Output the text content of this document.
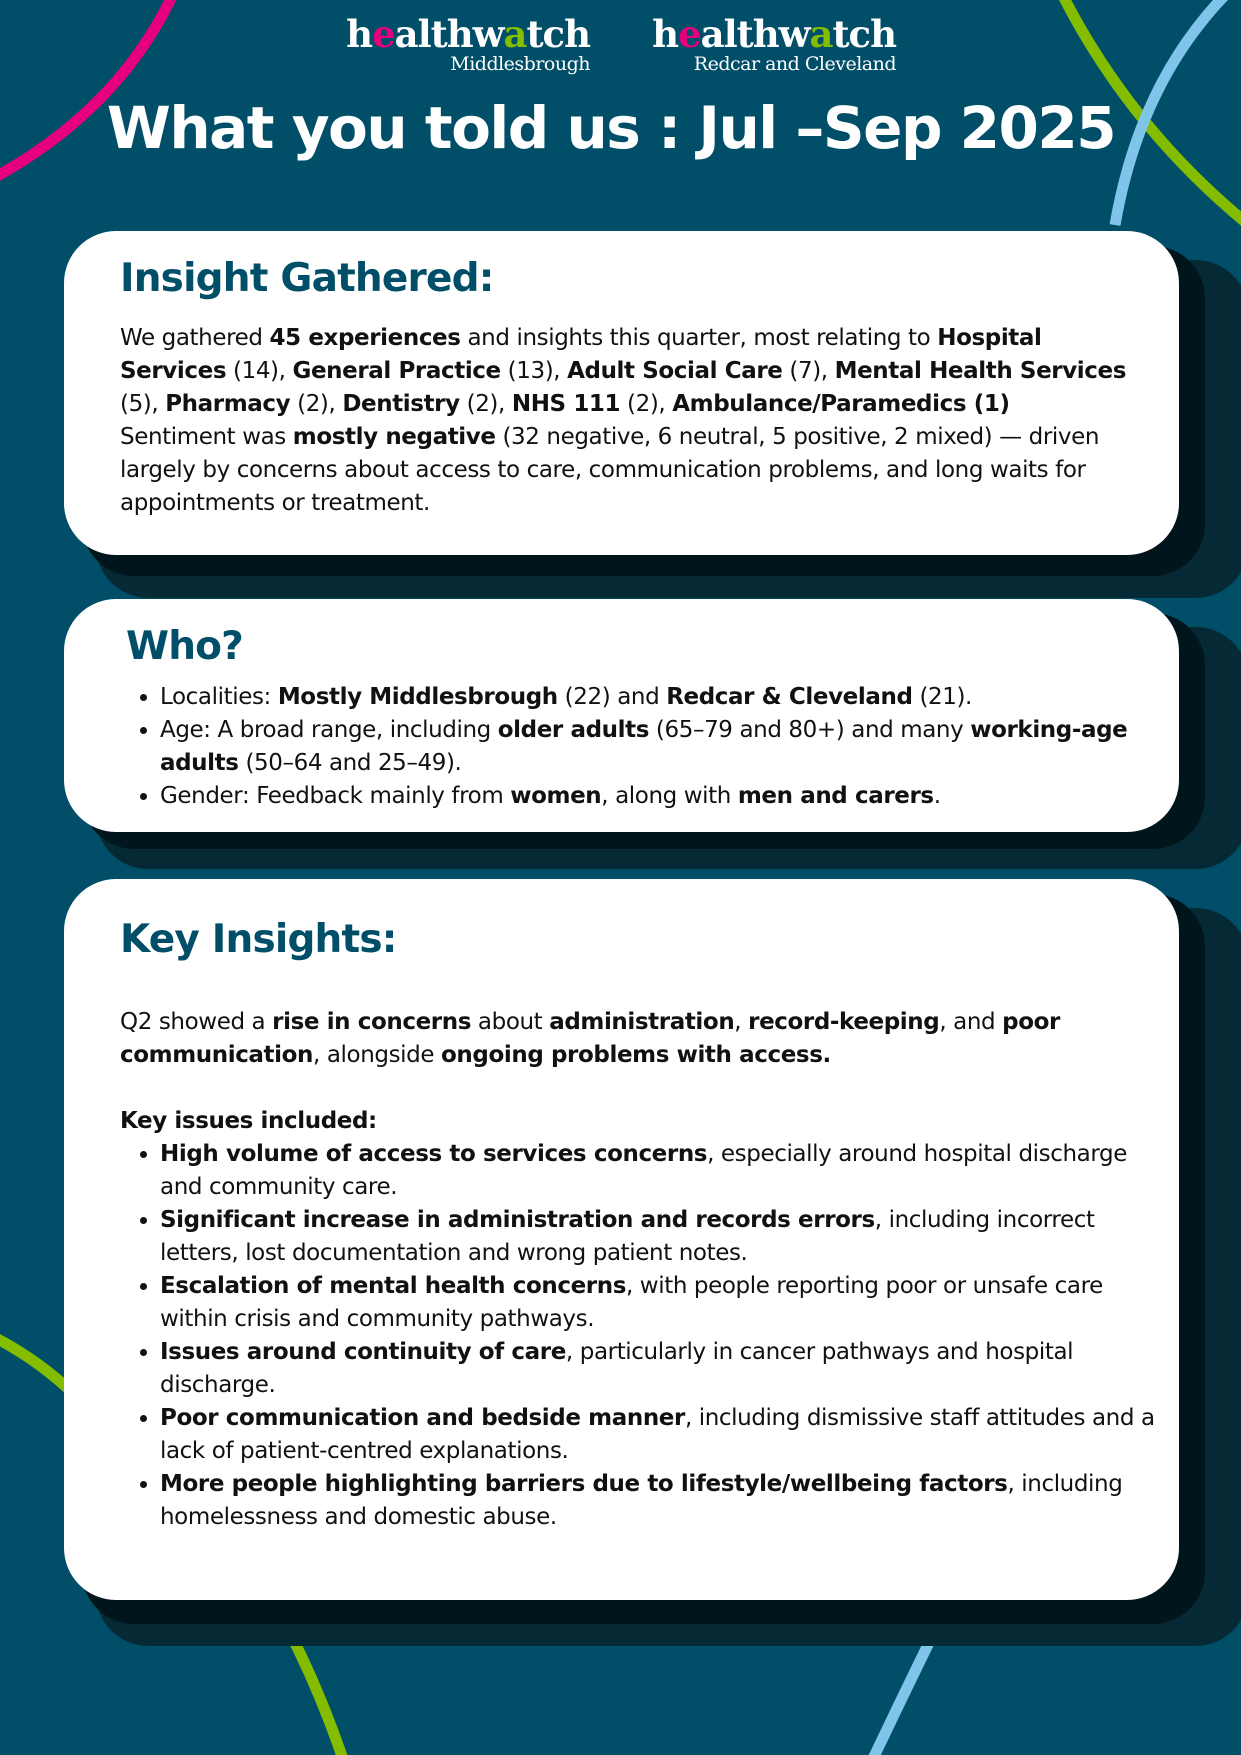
healthwatch
Middlesbrough
healthwatch
Redcar and Cleveland
What you told us : Jul –Sep 2025
Insight Gathered:
We gathered 45 experiences and insights this quarter, most relating to Hospital Services (14), General Practice (13), Adult Social Care (7), Mental Health Services (5), Pharmacy (2), Dentistry (2), NHS 111 (2), Ambulance/Paramedics (1) Sentiment was mostly negative (32 negative, 6 neutral, 5 positive, 2 mixed) — driven largely by concerns about access to care, communication problems, and long waits for appointments or treatment.
Who?
• Localities: Mostly Middlesbrough (22) and Redcar & Cleveland (21).
• Age: A broad range, including older adults (65–79 and 80+) and many working-age adults (50–64 and 25–49).
• Gender: Feedback mainly from women, along with men and carers.
Key Insights:
Q2 showed a rise in concerns about administration, record-keeping, and poor communication, alongside ongoing problems with access.
Key issues included:
• High volume of access to services concerns, especially around hospital discharge and community care.
• Significant increase in administration and records errors, including incorrect letters, lost documentation and wrong patient notes.
• Escalation of mental health concerns, with people reporting poor or unsafe care within crisis and community pathways.
• Issues around continuity of care, particularly in cancer pathways and hospital discharge.
• Poor communication and bedside manner, including dismissive staff attitudes and a lack of patient-centred explanations.
• More people highlighting barriers due to lifestyle/wellbeing factors, including homelessness and domestic abuse.
